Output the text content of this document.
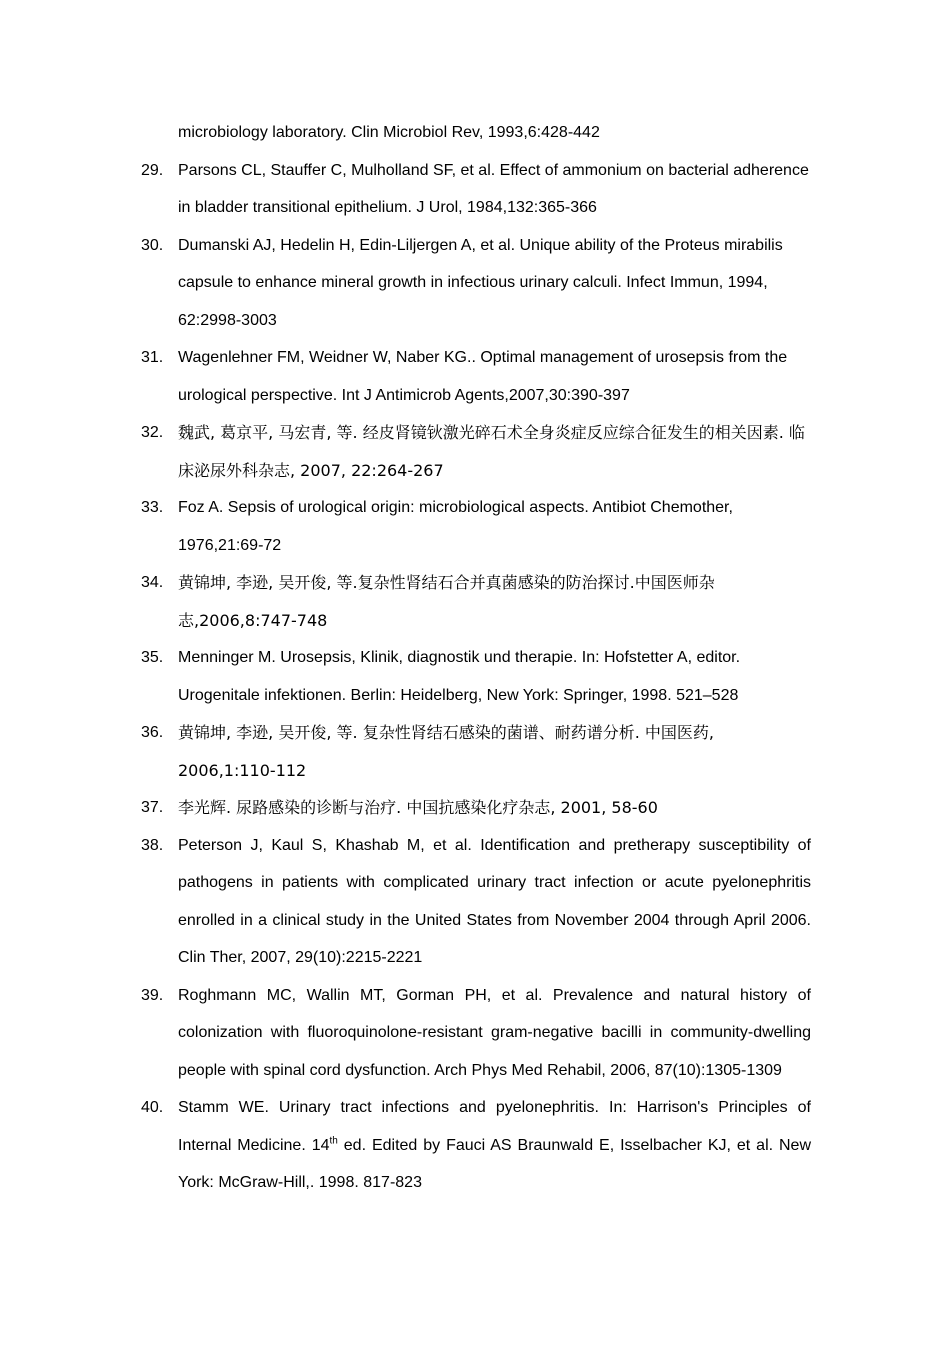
microbiology laboratory. Clin Microbiol Rev, 1993,6:428-442
29. Parsons CL, Stauffer C, Mulholland SF, et al. Effect of ammonium on bacterial adherence in bladder transitional epithelium. J Urol, 1984,132:365-366
30. Dumanski AJ, Hedelin H, Edin-Liljergen A, et al. Unique ability of the Proteus mirabilis capsule to enhance mineral growth in infectious urinary calculi. Infect Immun, 1994, 62:2998-3003
31. Wagenlehner FM, Weidner W, Naber KG.. Optimal management of urosepsis from the urological perspective. Int J Antimicrob Agents,2007,30:390-397
32. 魏武, 葛京平, 马宏青, 等. 经皮肾镜钬激光碎石术全身炎症反应综合征发生的相关因素. 临床泌尿外科杂志, 2007, 22:264-267
33. Foz A. Sepsis of urological origin: microbiological aspects. Antibiot Chemother, 1976,21:69-72
34. 黄锦坤, 李逊, 吴开俊, 等.复杂性肾结石合并真菌感染的防治探讨.中国医师杂志,2006,8:747-748
35. Menninger M. Urosepsis, Klinik, diagnostik und therapie. In: Hofstetter A, editor. Urogenitale infektionen. Berlin: Heidelberg, New York: Springer, 1998. 521–528
36. 黄锦坤, 李逊, 吴开俊, 等. 复杂性肾结石感染的菌谱、耐药谱分析. 中国医药, 2006,1:110-112
37. 李光辉. 尿路感染的诊断与治疗. 中国抗感染化疗杂志, 2001, 58-60
38. Peterson J, Kaul S, Khashab M, et al. Identification and pretherapy susceptibility of pathogens in patients with complicated urinary tract infection or acute pyelonephritis enrolled in a clinical study in the United States from November 2004 through April 2006. Clin Ther, 2007, 29(10):2215-2221
39. Roghmann MC, Wallin MT, Gorman PH, et al. Prevalence and natural history of colonization with fluoroquinolone-resistant gram-negative bacilli in community-dwelling people with spinal cord dysfunction. Arch Phys Med Rehabil, 2006, 87(10):1305-1309
40. Stamm WE. Urinary tract infections and pyelonephritis. In: Harrison's Principles of Internal Medicine. 14th ed. Edited by Fauci AS Braunwald E, Isselbacher KJ, et al. New York: McGraw-Hill,. 1998. 817-823
